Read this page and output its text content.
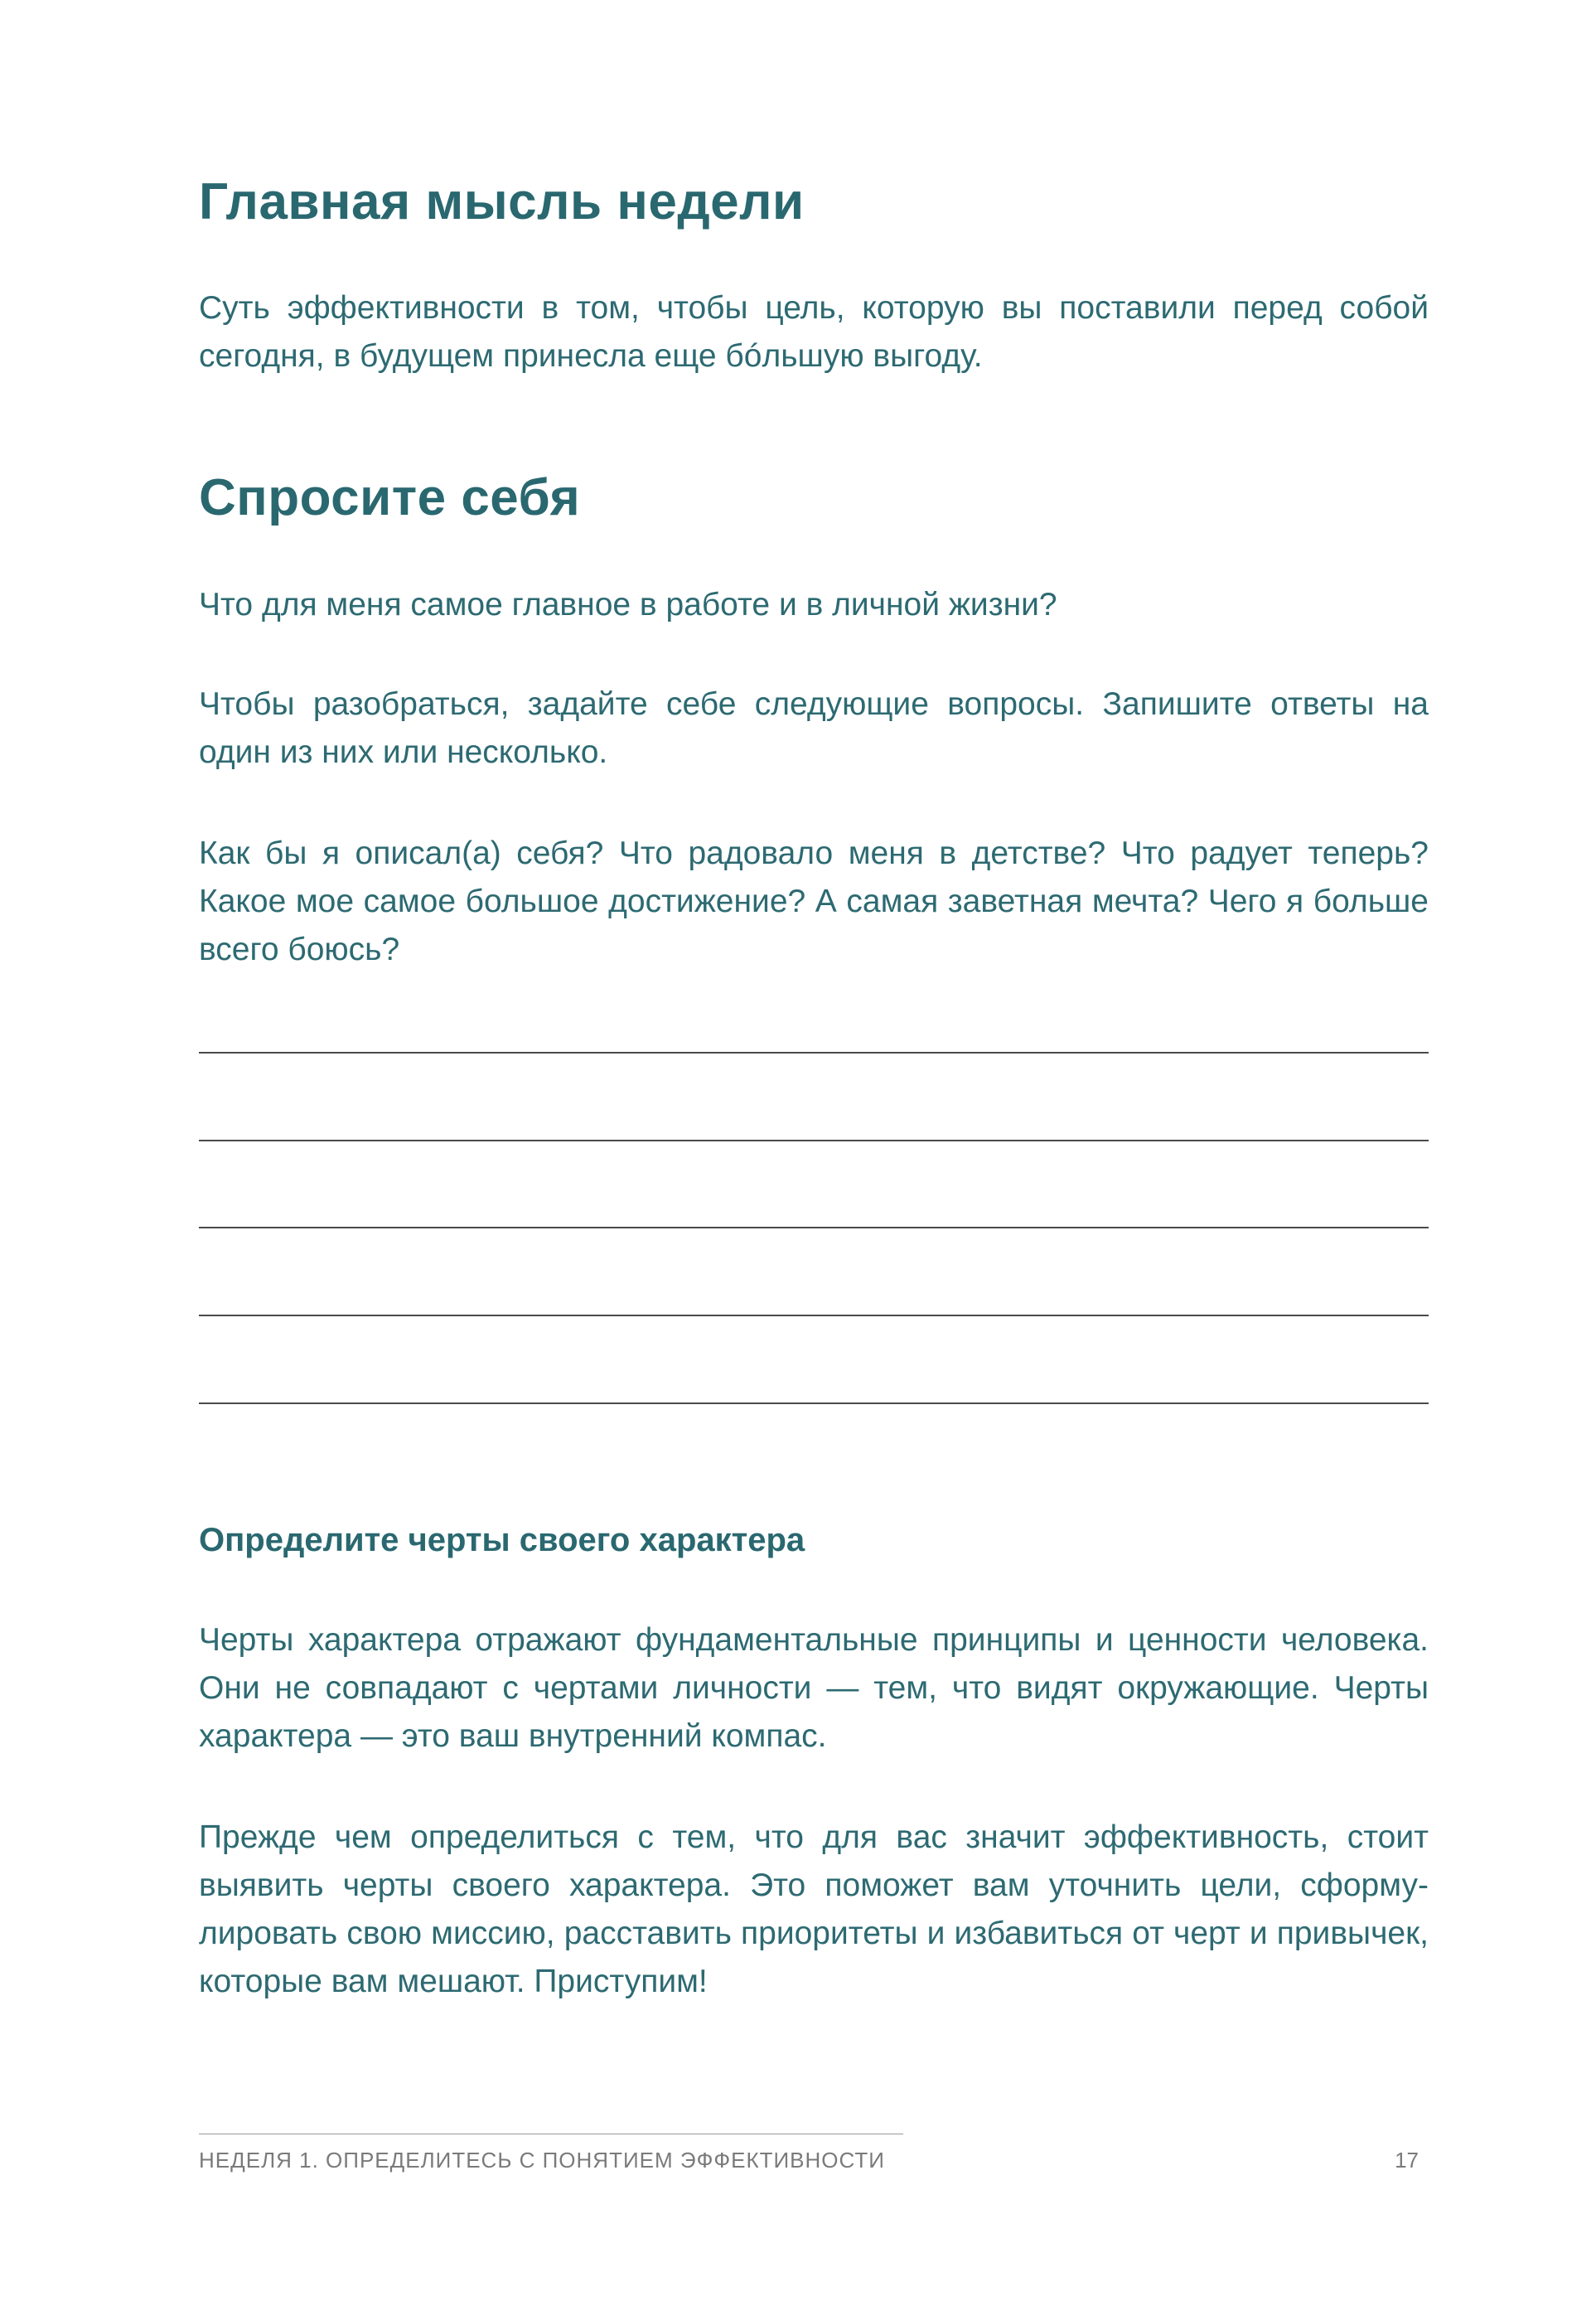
Главная мысль недели

Суть эффективности в том, чтобы цель, которую вы поставили перед собой сегодня, в будущем принесла еще бóльшую выгоду.

Спросите себя

Что для меня самое главное в работе и в личной жизни?

Чтобы разобраться, задайте себе следующие вопросы. Запишите ответы на один из них или несколько.

Как бы я описал(а) себя? Что радовало меня в детстве? Что радует теперь? Какое мое самое большое достижение? А самая заветная мечта? Чего я больше всего боюсь?

Определите черты своего характера

Черты характера отражают фундаментальные принципы и ценности человека. Они не совпадают с чертами личности — тем, что видят окружающие. Черты характера — это ваш внутренний компас.

Прежде чем определиться с тем, что для вас значит эффективность, стоит выявить черты своего характера. Это поможет вам уточнить цели, сформулировать свою миссию, расставить приоритеты и избавиться от черт и привычек, которые вам мешают. Приступим!

НЕДЕЛЯ 1. ОПРЕДЕЛИТЕСЬ С ПОНЯТИЕМ ЭФФЕКТИВНОСТИ	17
